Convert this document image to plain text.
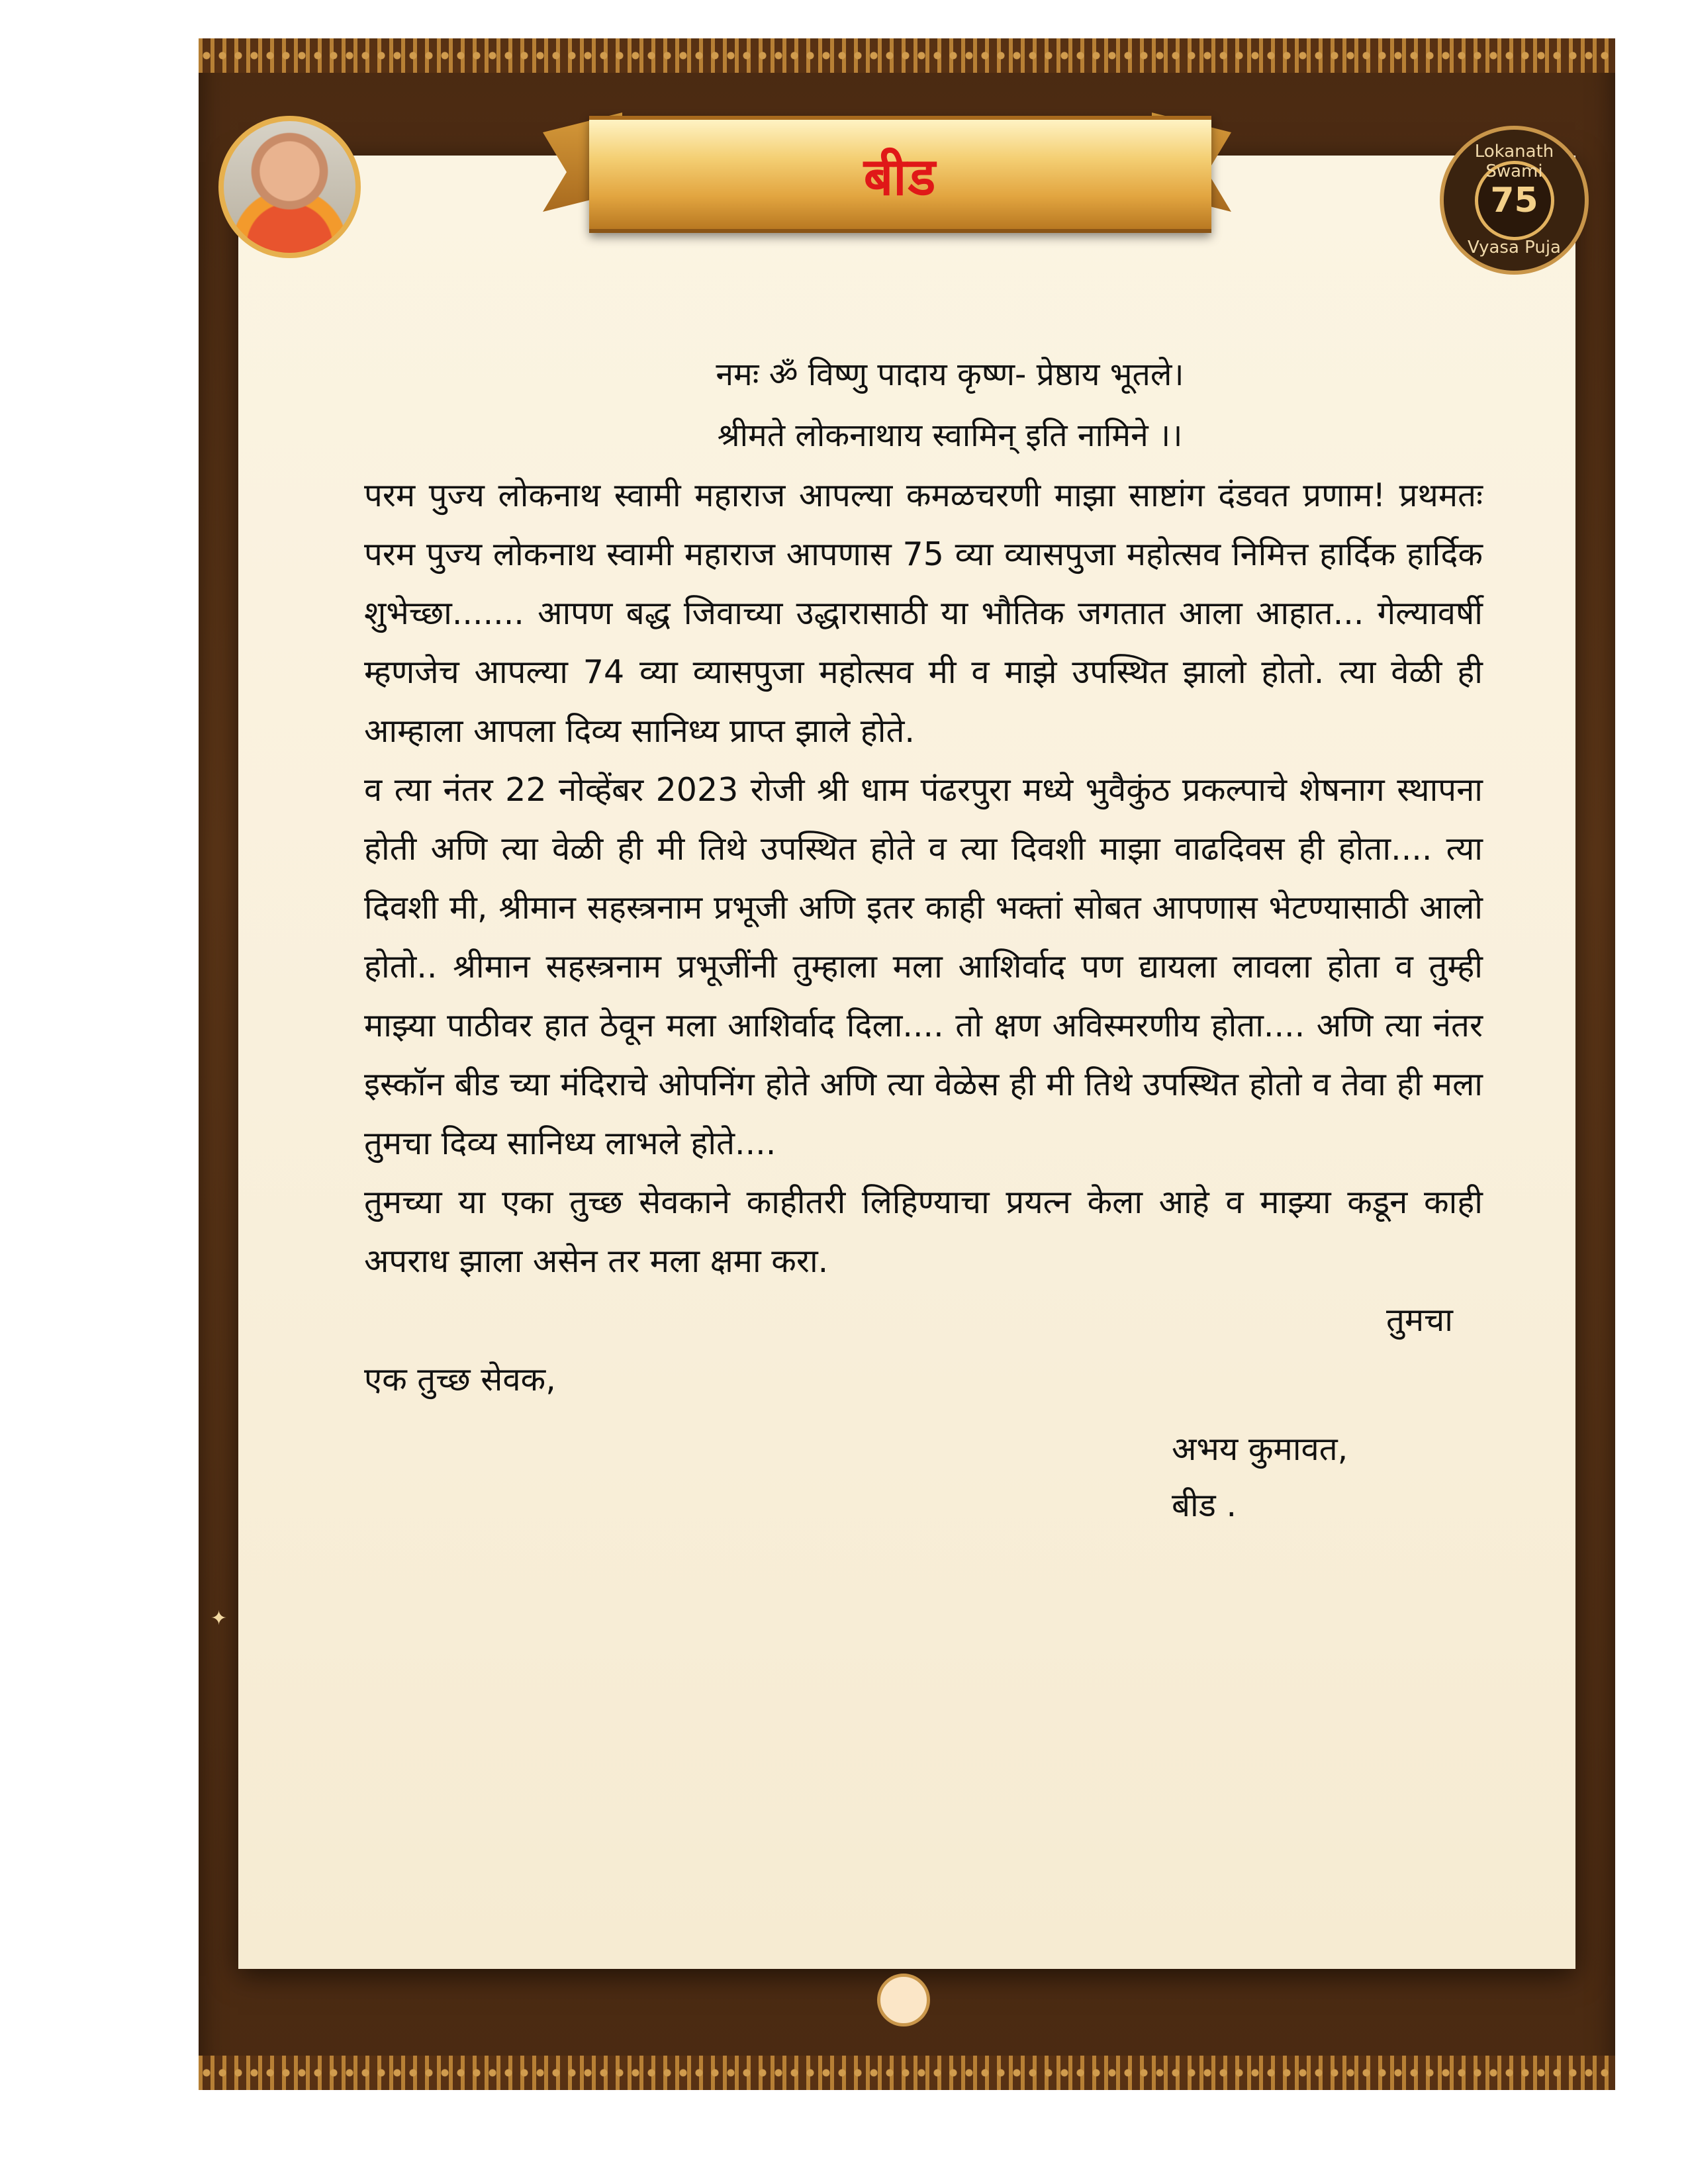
बीड	Lokanath Swami
75
Vyasa Puja
नमः ॐ विष्णु पादाय कृष्ण- प्रेष्ठाय भूतले।
श्रीमते लोकनाथाय स्वामिन् इति नामिने ।।

परम पुज्य लोकनाथ स्वामी महाराज आपल्या कमळचरणी माझा साष्टांग दंडवत प्रणाम! प्रथमतः परम पुज्य लोकनाथ स्वामी महाराज आपणास 75 व्या व्यासपुजा महोत्सव निमित्त हार्दिक हार्दिक शुभेच्छा....... आपण बद्ध जिवाच्या उद्धारासाठी या भौतिक जगतात आला आहात... गेल्यावर्षी म्हणजेच आपल्या 74 व्या व्यासपुजा महोत्सव मी व माझे उपस्थित झालो होतो. त्या वेळी ही आम्हाला आपला दिव्य सानिध्य प्राप्त झाले होते.

व त्या नंतर 22 नोव्हेंबर 2023 रोजी श्री धाम पंढरपुरा मध्ये भुवैकुंठ प्रकल्पाचे शेषनाग स्थापना होती अणि त्या वेळी ही मी तिथे उपस्थित होते व त्या दिवशी माझा वाढदिवस ही होता.... त्या दिवशी मी, श्रीमान सहस्त्रनाम प्रभूजी अणि इतर काही भक्तां सोबत आपणास भेटण्यासाठी आलो होतो.. श्रीमान सहस्त्रनाम प्रभूजींनी तुम्हाला मला आशिर्वाद पण द्यायला लावला होता व तुम्ही माझ्या पाठीवर हात ठेवून मला आशिर्वाद दिला.... तो क्षण अविस्मरणीय होता.... अणि त्या नंतर इस्कॉन बीड च्या मंदिराचे ओपनिंग होते अणि त्या वेळेस ही मी तिथे उपस्थित होतो व तेवा ही मला तुमचा दिव्य सानिध्य लाभले होते....

तुमच्या या एका तुच्छ सेवकाने काहीतरी लिहिण्याचा प्रयत्न केला आहे व माझ्या कडून काही अपराध झाला असेन तर मला क्षमा करा.

तुमचा
एक तुच्छ सेवक,
अभय कुमावत,
बीड .
✦
